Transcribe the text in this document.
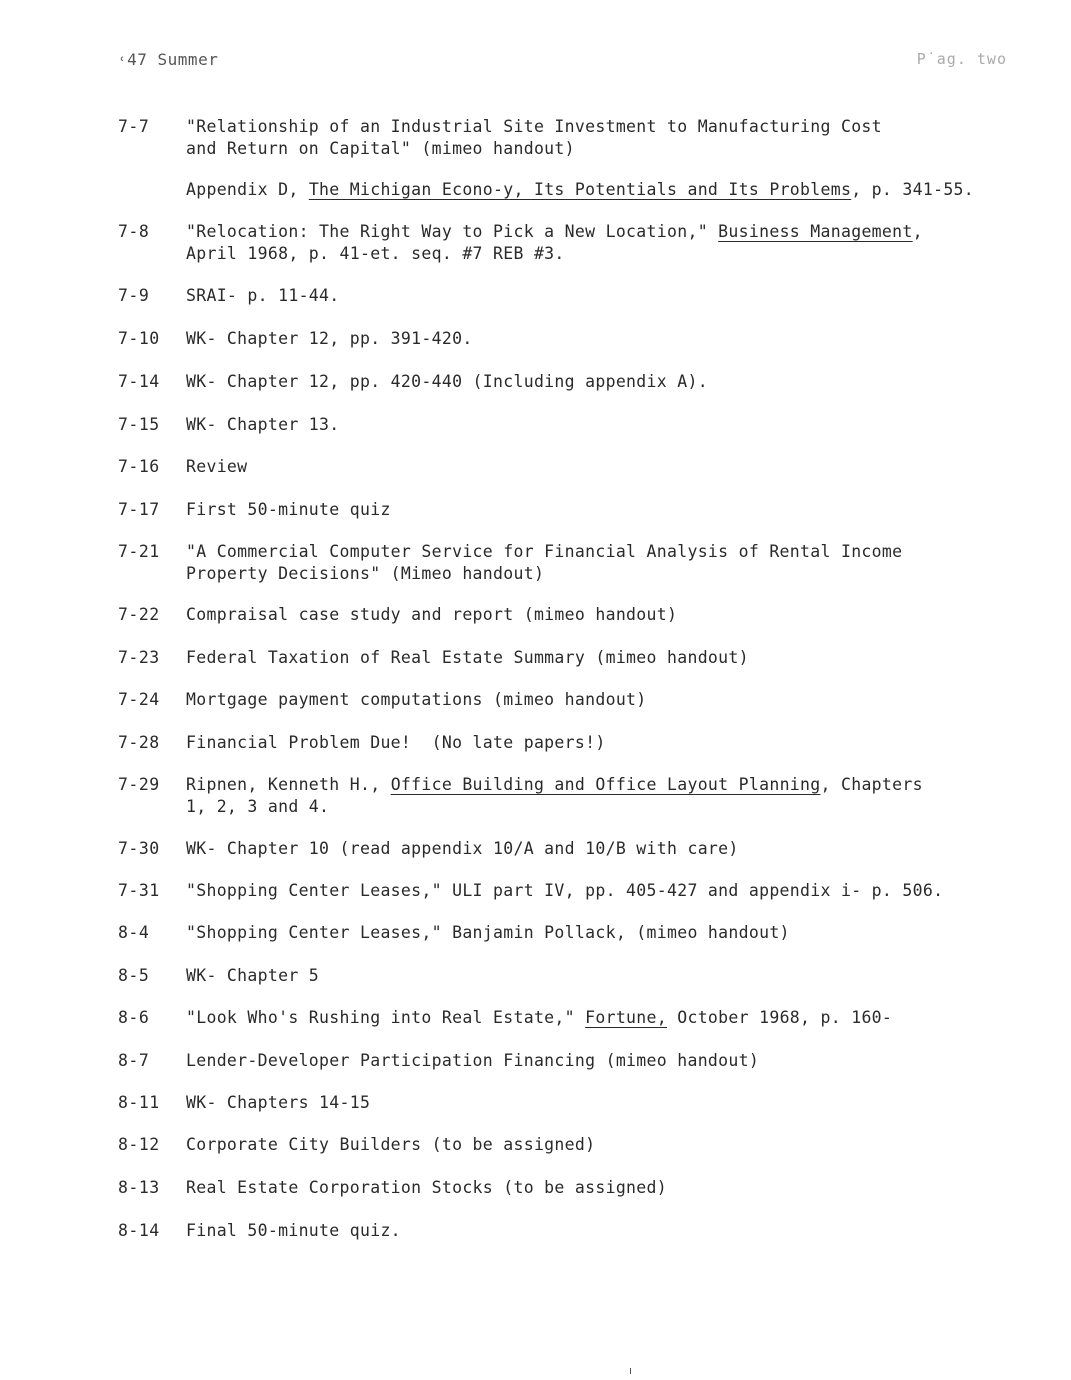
˓47 Summer	P˙ag. two
7-7	"Relationship of an Industrial Site Investment to Manufacturing Cost
and Return on Capital" (mimeo handout)
Appendix D, The Michigan Econo-y, Its Potentials and Its Problems, p. 341-55.
7-8	"Relocation: The Right Way to Pick a New Location," Business Management,
April 1968, p. 41-et. seq. #7 REB #3.
7-9	SRAI- p. 11-44.
7-10	WK- Chapter 12, pp. 391-420.
7-14	WK- Chapter 12, pp. 420-440 (Including appendix A).
7-15	WK- Chapter 13.
7-16	Review
7-17	First 50-minute quiz
7-21	"A Commercial Computer Service for Financial Analysis of Rental Income
Property Decisions" (Mimeo handout)
7-22	Compraisal case study and report (mimeo handout)
7-23	Federal Taxation of Real Estate Summary (mimeo handout)
7-24	Mortgage payment computations (mimeo handout)
7-28	Financial Problem Due!  (No late papers!)
7-29	Ripnen, Kenneth H., Office Building and Office Layout Planning, Chapters
1, 2, 3 and 4.
7-30	WK- Chapter 10 (read appendix 10/A and 10/B with care)
7-31	"Shopping Center Leases," ULI part IV, pp. 405-427 and appendix i- p. 506.
8-4	"Shopping Center Leases," Banjamin Pollack, (mimeo handout)
8-5	WK- Chapter 5
8-6	"Look Who's Rushing into Real Estate," Fortune, October 1968, p. 160-
8-7	Lender-Developer Participation Financing (mimeo handout)
8-11	WK- Chapters 14-15
8-12	Corporate City Builders (to be assigned)
8-13	Real Estate Corporation Stocks (to be assigned)
8-14	Final 50-minute quiz.
